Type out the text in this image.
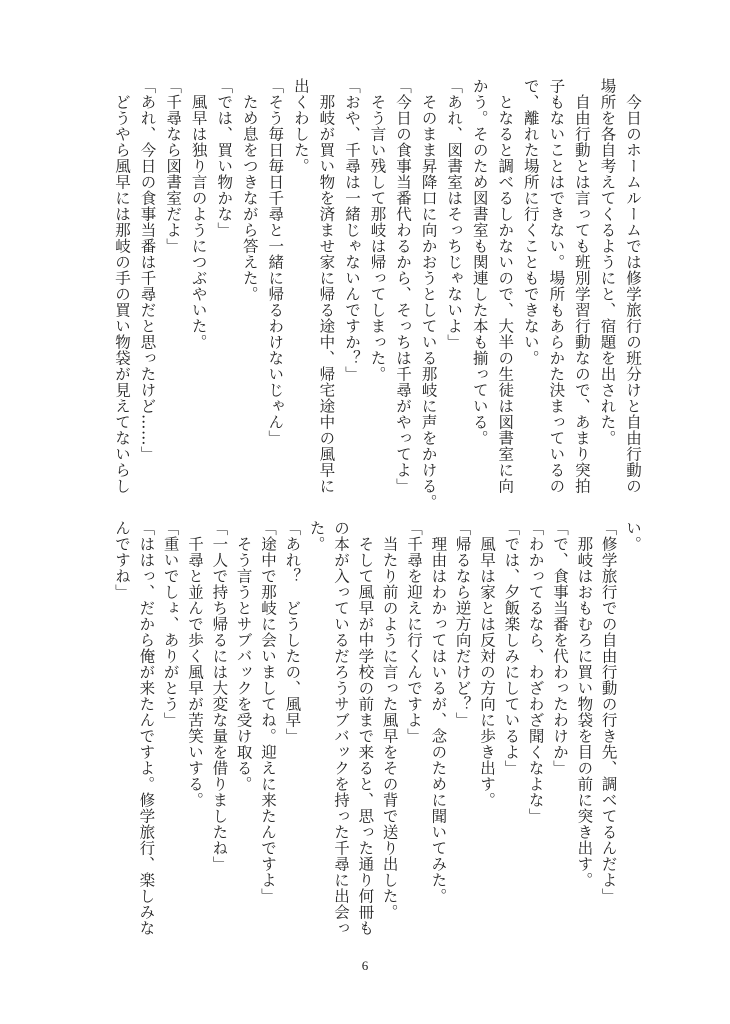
　今日のホームルームでは修学旅行の班分けと自由行動の
場所を各自考えてくるようにと、宿題を出された。
　自由行動とは言っても班別学習行動なので、あまり突拍
子もないことはできない。場所もあらかた決まっているの
で、離れた場所に行くこともできない。
　となると調べるしかないので、大半の生徒は図書室に向
かう。そのため図書室も関連した本も揃っている。
「あれ、図書室はそっちじゃないよ」
　そのまま昇降口に向かおうとしている那岐に声をかける。
「今日の食事当番代わるから、そっちは千尋がやってよ」
　そう言い残して那岐は帰ってしまった。
「おや、千尋は一緒じゃないんですか？」
　那岐が買い物を済ませ家に帰る途中、帰宅途中の風早に
出くわした。
「そう毎日毎日千尋と一緒に帰るわけないじゃん」
　ため息をつきながら答えた。
「では、買い物かな」
　風早は独り言のようにつぶやいた。
「千尋なら図書室だよ」
「あれ、今日の食事当番は千尋だと思ったけど……」
　どうやら風早には那岐の手の買い物袋が見えてないらし
い。
「修学旅行での自由行動の行き先、調べてるんだよ」
　那岐はおもむろに買い物袋を目の前に突き出す。
「で、食事当番を代わったわけか」
「わかってるなら、わざわざ聞くなよな」
「では、夕飯楽しみにしているよ」
　風早は家とは反対の方向に歩き出す。
「帰るなら逆方向だけど？」
　理由はわかってはいるが、念のために聞いてみた。
「千尋を迎えに行くんですよ」
　当たり前のように言った風早をその背で送り出した。
　そして風早が中学校の前まで来ると、思った通り何冊も
の本が入っているだろうサブバックを持った千尋に出会っ
た。
「あれ？　どうしたの、風早」
「途中で那岐に会いましてね。迎えに来たんですよ」
　そう言うとサブバックを受け取る。
「一人で持ち帰るには大変な量を借りましたね」
　千尋と並んで歩く風早が苦笑いする。
「重いでしょ、ありがとう」
「ははっ、だから俺が来たんですよ。修学旅行、楽しみな
んですね」
6
